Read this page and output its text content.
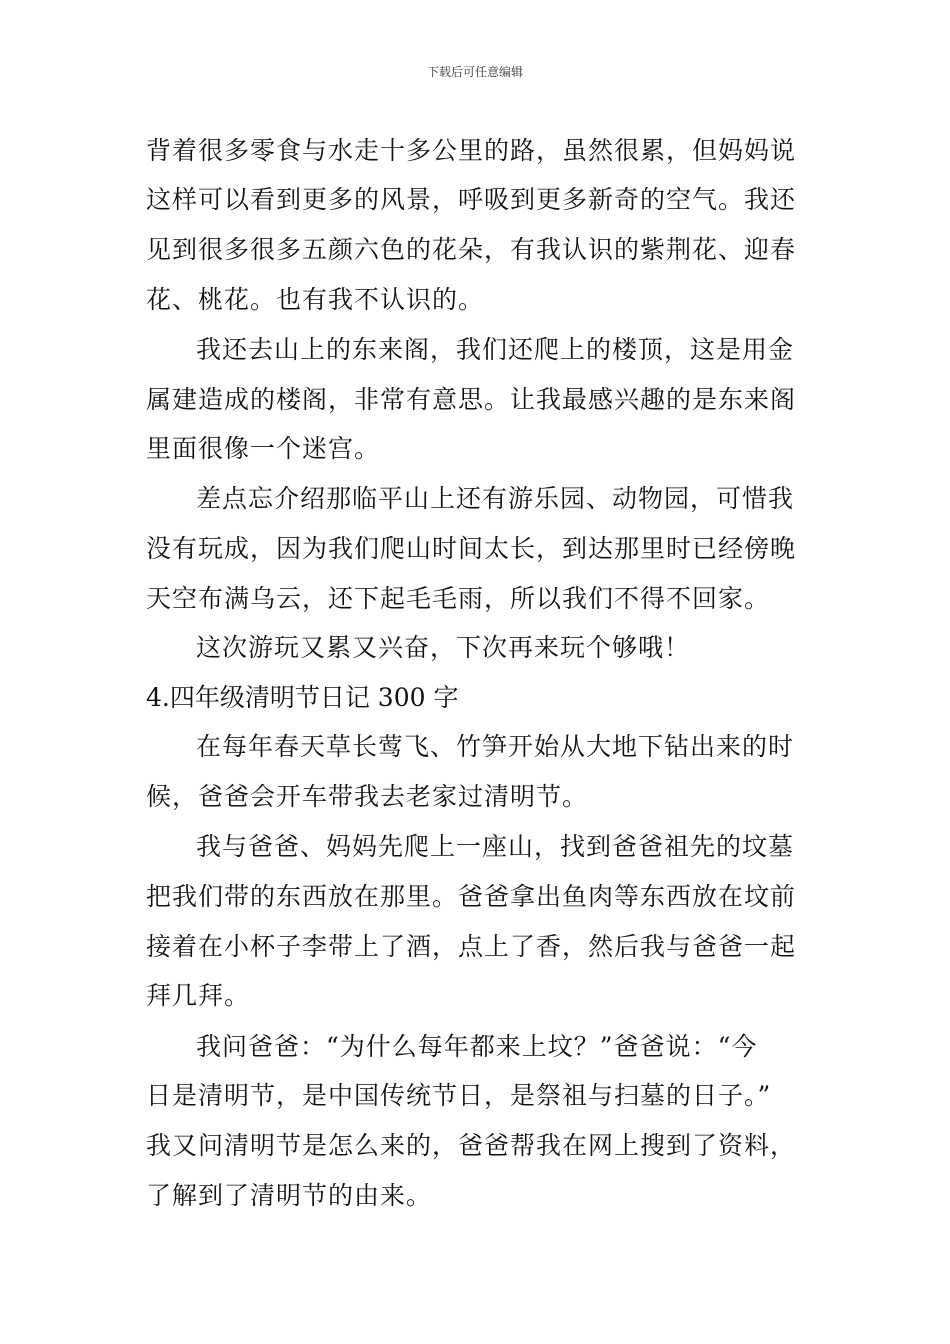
下载后可任意编辑
背着很多零食与水走十多公里的路，虽然很累，但妈妈说
这样可以看到更多的风景，呼吸到更多新奇的空气。我还
见到很多很多五颜六色的花朵，有我认识的紫荆花、迎春
花、桃花。也有我不认识的。
我还去山上的东来阁，我们还爬上的楼顶，这是用金
属建造成的楼阁，非常有意思。让我最感兴趣的是东来阁
里面很像一个迷宫。
差点忘介绍那临平山上还有游乐园、动物园，可惜我
没有玩成，因为我们爬山时间太长，到达那里时已经傍晚
天空布满乌云，还下起毛毛雨，所以我们不得不回家。
这次游玩又累又兴奋，下次再来玩个够哦！
4.四年级清明节日记 300 字
在每年春天草长莺飞、竹笋开始从大地下钻出来的时
候，爸爸会开车带我去老家过清明节。
我与爸爸、妈妈先爬上一座山，找到爸爸祖先的坟墓
把我们带的东西放在那里。爸爸拿出鱼肉等东西放在坟前
接着在小杯子李带上了酒，点上了香，然后我与爸爸一起
拜几拜。
我问爸爸：“为什么每年都来上坟？”爸爸说：“今
日是清明节，是中国传统节日，是祭祖与扫墓的日子。”
我又问清明节是怎么来的，爸爸帮我在网上搜到了资料，
了解到了清明节的由来。
